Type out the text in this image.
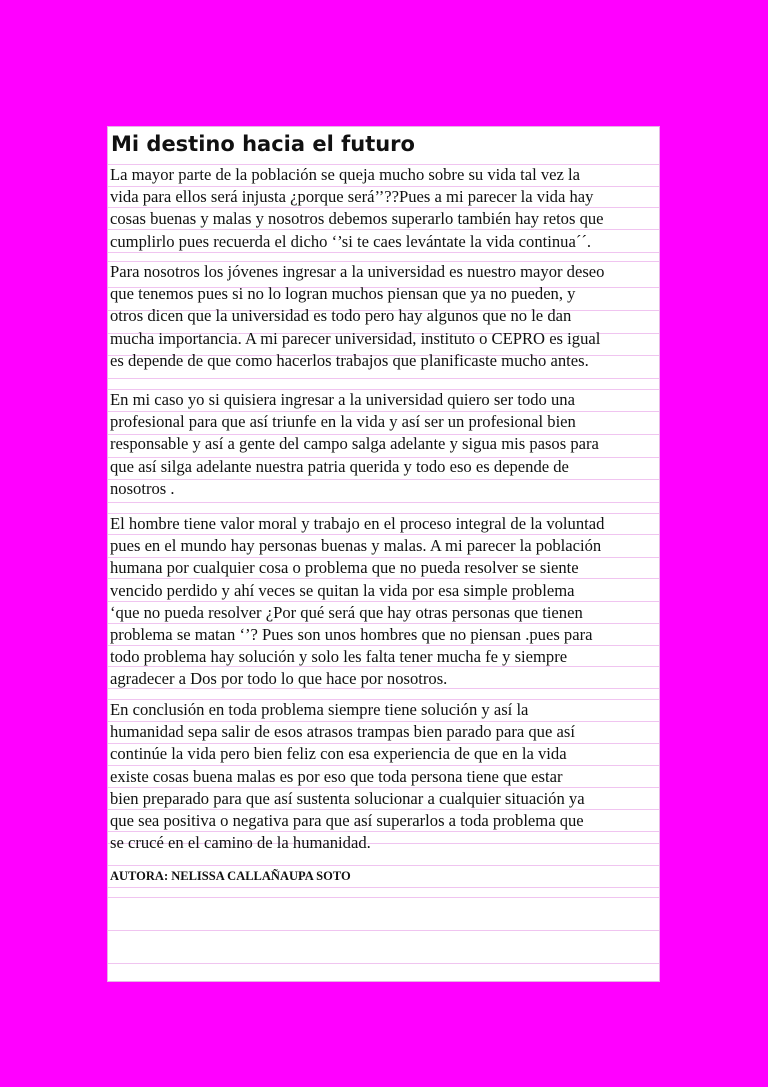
Mi destino hacia el futuro
La mayor parte de la población se queja mucho sobre su vida tal vez la
vida para ellos será injusta ¿porque será’’??Pues a mi parecer la vida hay
cosas buenas y malas y nosotros debemos superarlo también hay retos que
cumplirlo pues recuerda el dicho ‘’si te caes levántate la vida continua´´.
Para nosotros los jóvenes ingresar a la universidad es nuestro mayor deseo
que tenemos pues si no lo logran muchos piensan que ya no pueden, y
otros dicen que la universidad es todo pero hay algunos que no le dan
mucha importancia. A mi parecer universidad, instituto o CEPRO es igual
es depende de que como hacerlos trabajos que planificaste mucho antes.
En mi caso yo si quisiera ingresar a la universidad quiero ser todo una
profesional para que así triunfe en la vida y así ser un profesional bien
responsable y así a gente del campo salga adelante y sigua mis pasos para
que así silga adelante nuestra patria querida y todo eso es depende de
nosotros .
El hombre tiene valor moral y trabajo en el proceso integral de la voluntad
pues en el mundo hay personas buenas y malas. A mi parecer la población
humana por cualquier cosa o problema que no pueda resolver se siente
vencido perdido y ahí veces se quitan la vida por esa simple problema
‘que no pueda resolver ¿Por qué será que hay otras personas que tienen
problema se matan ‘’? Pues son unos hombres que no piensan .pues para
todo problema hay solución y solo les falta tener mucha fe y siempre
agradecer a Dos por todo lo que hace por nosotros.
En conclusión en toda problema siempre tiene solución y así la
humanidad sepa salir de esos atrasos trampas bien parado para que así
continúe la vida pero bien feliz con esa experiencia de que en la vida
existe cosas buena malas es por eso que toda persona tiene que estar
bien preparado para que así sustenta solucionar a cualquier situación ya
que sea positiva o negativa para que así superarlos a toda problema que
se crucé en el camino de la humanidad.
AUTORA: NELISSA CALLAÑAUPA SOTO
